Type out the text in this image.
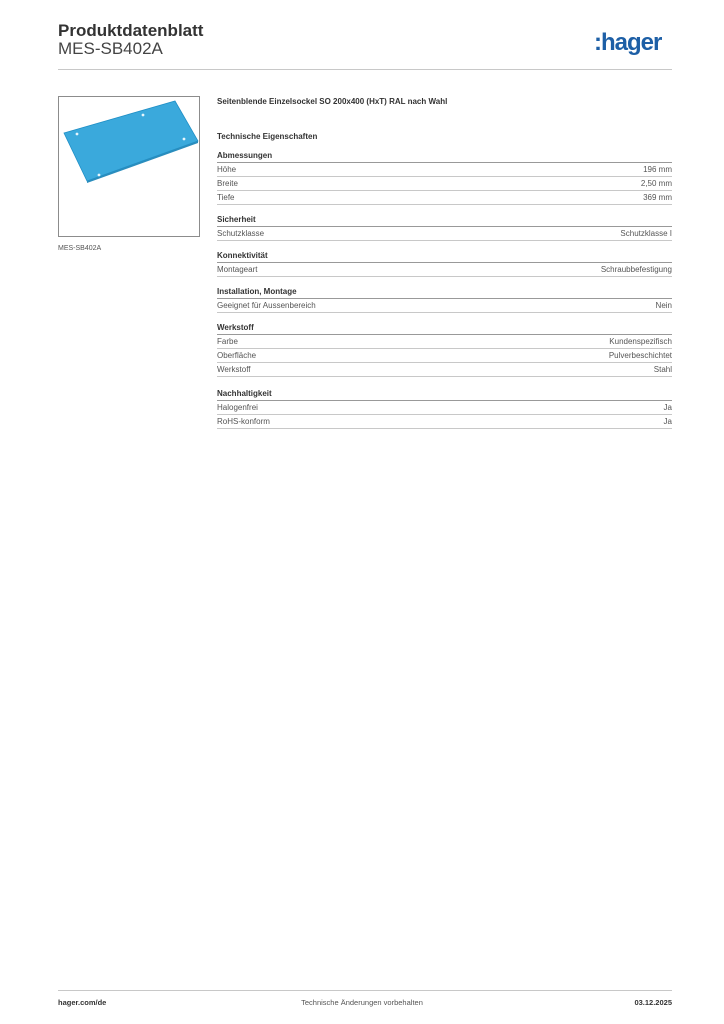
Produktdatenblatt
MES-SB402A	:hager
MES-SB402A
Seitenblende Einzelsockel SO 200x400 (HxT) RAL nach Wahl
Technische Eigenschaften
Abmessungen
Höhe	196 mm
Breite	2,50 mm
Tiefe	369 mm
Sicherheit
Schutzklasse	Schutzklasse I
Konnektivität
Montageart	Schraubbefestigung
Installation, Montage
Geeignet für Aussenbereich	Nein
Werkstoff
Farbe	Kundenspezifisch
Oberfläche	Pulverbeschichtet
Werkstoff	Stahl
Nachhaltigkeit
Halogenfrei	Ja
RoHS-konform	Ja
hager.com/de	Technische Änderungen vorbehalten	03.12.2025
